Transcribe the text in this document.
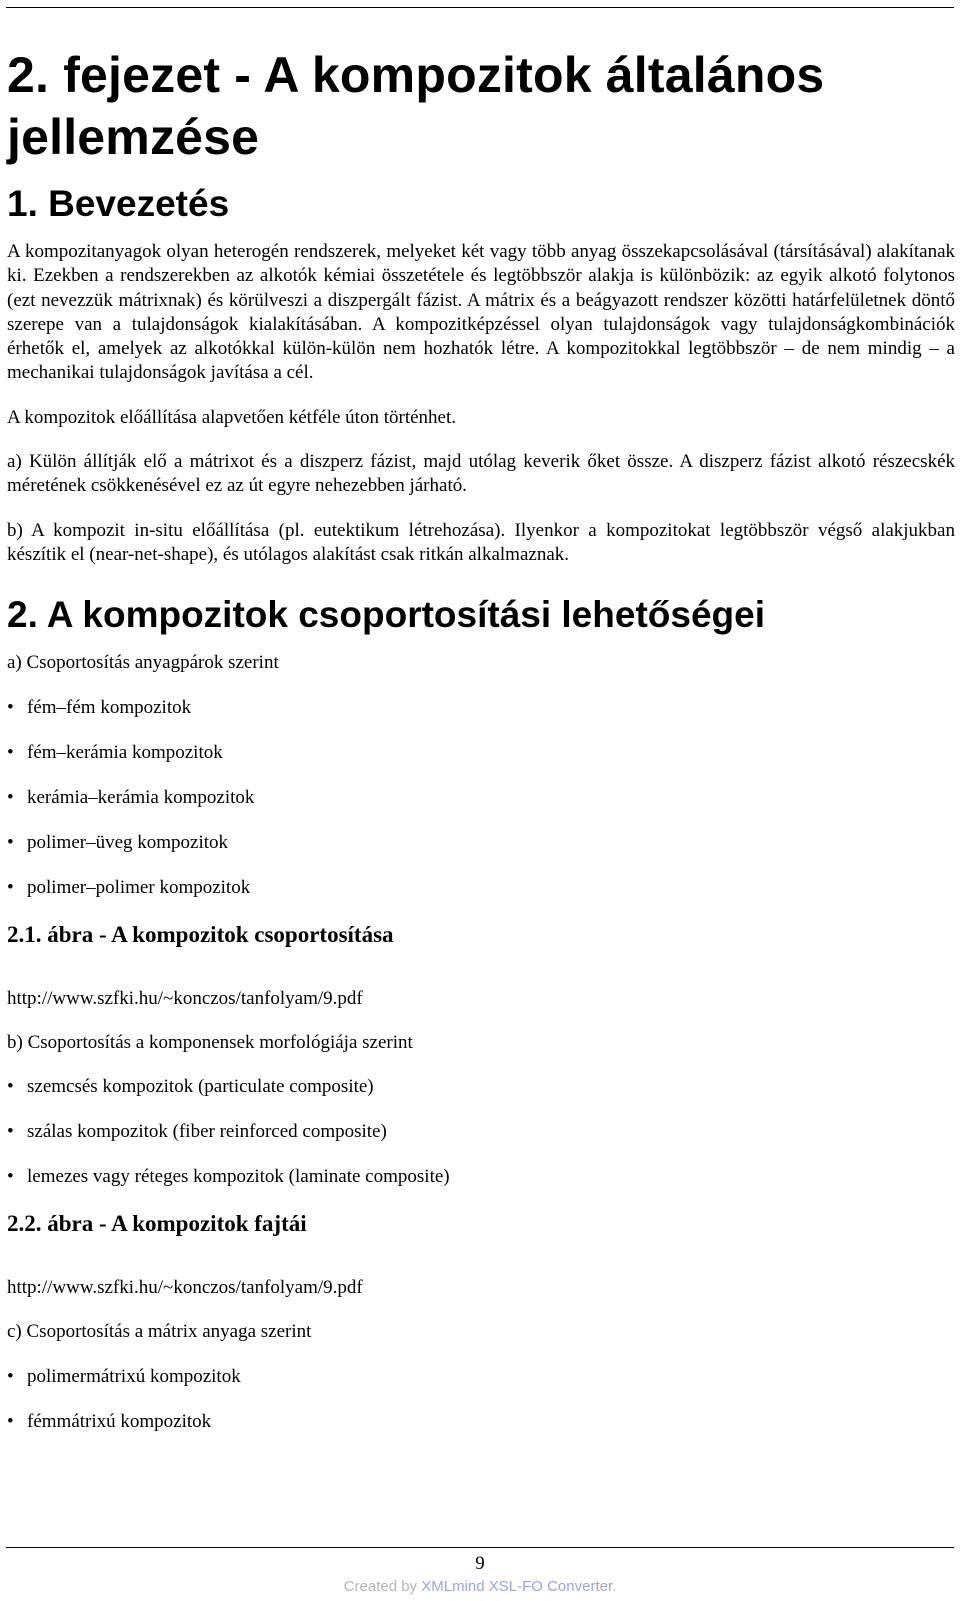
2. fejezet - A kompozitok általános jellemzése
1. Bevezetés

A kompozitanyagok olyan heterogén rendszerek, melyeket két vagy több anyag összekapcsolásával (társításával) alakítanak ki. Ezekben a rendszerekben az alkotók kémiai összetétele és legtöbbször alakja is különbözik: az egyik alkotó folytonos (ezt nevezzük mátrixnak) és körülveszi a diszpergált fázist. A mátrix és a beágyazott rendszer közötti határfelületnek döntő szerepe van a tulajdonságok kialakításában. A kompozitképzéssel olyan tulajdonságok vagy tulajdonságkombinációk érhetők el, amelyek az alkotókkal külön-külön nem hozhatók létre. A kompozitokkal legtöbbször – de nem mindig – a mechanikai tulajdonságok javítása a cél.

A kompozitok előállítása alapvetően kétféle úton történhet.

a) Külön állítják elő a mátrixot és a diszperz fázist, majd utólag keverik őket össze. A diszperz fázist alkotó részecskék méretének csökkenésével ez az út egyre nehezebben járható.

b) A kompozit in-situ előállítása (pl. eutektikum létrehozása). Ilyenkor a kompozitokat legtöbbször végső alakjukban készítik el (near-net-shape), és utólagos alakítást csak ritkán alkalmaznak.

2. A kompozitok csoportosítási lehetőségei

a) Csoportosítás anyagpárok szerint

• fém–fém kompozitok
• fém–kerámia kompozitok
• kerámia–kerámia kompozitok
• polimer–üveg kompozitok
• polimer–polimer kompozitok
2.1. ábra - A kompozitok csoportosítása

http://www.szfki.hu/~konczos/tanfolyam/9.pdf

b) Csoportosítás a komponensek morfológiája szerint

• szemcsés kompozitok (particulate composite)
• szálas kompozitok (fiber reinforced composite)
• lemezes vagy réteges kompozitok (laminate composite)
2.2. ábra - A kompozitok fajtái

http://www.szfki.hu/~konczos/tanfolyam/9.pdf

c) Csoportosítás a mátrix anyaga szerint

• polimermátrixú kompozitok
• fémmátrixú kompozitok
9
Created by XMLmind XSL-FO Converter.
